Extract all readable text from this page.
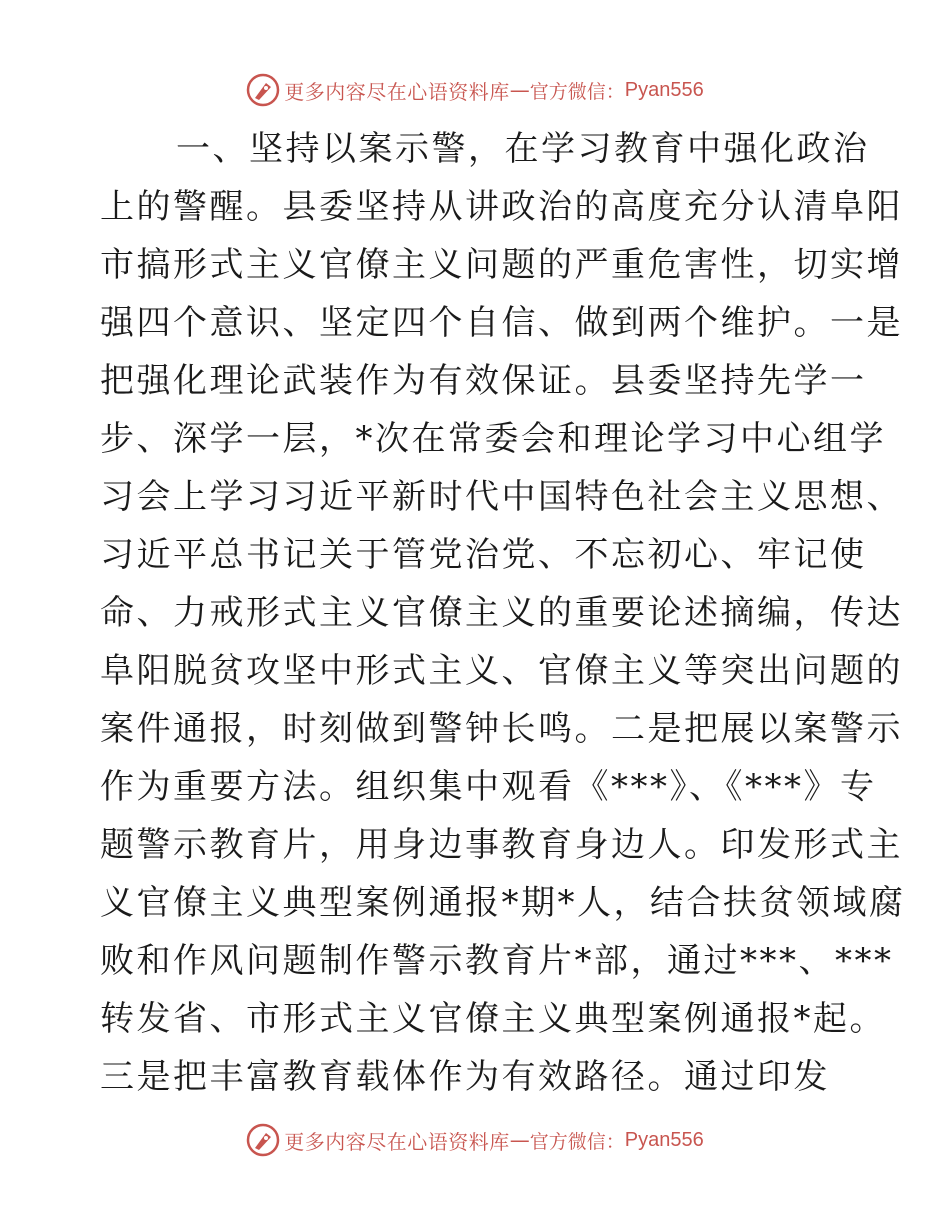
更多内容尽在心语资料库 — 官方微信： Pyan556
一、坚持以案示警，在学习教育中强化政治
上的警醒。县委坚持从讲政治的高度充分认清阜阳
市搞形式主义官僚主义问题的严重危害性，切实增
强四个意识、坚定四个自信、做到两个维护。一是
把强化理论武装作为有效保证。县委坚持先学一
步、深学一层，*次在常委会和理论学习中心组学
习会上学习习近平新时代中国特色社会主义思想、
习近平总书记关于管党治党、不忘初心、牢记使
命、力戒形式主义官僚主义的重要论述摘编，传达
阜阳脱贫攻坚中形式主义、官僚主义等突出问题的
案件通报，时刻做到警钟长鸣。二是把展以案警示
作为重要方法。组织集中观看《***》、《***》专
题警示教育片，用身边事教育身边人。印发形式主
义官僚主义典型案例通报*期*人，结合扶贫领域腐
败和作风问题制作警示教育片*部，通过***、***
转发省、市形式主义官僚主义典型案例通报*起。
三是把丰富教育载体作为有效路径。通过印发
更多内容尽在心语资料库 — 官方微信： Pyan556
